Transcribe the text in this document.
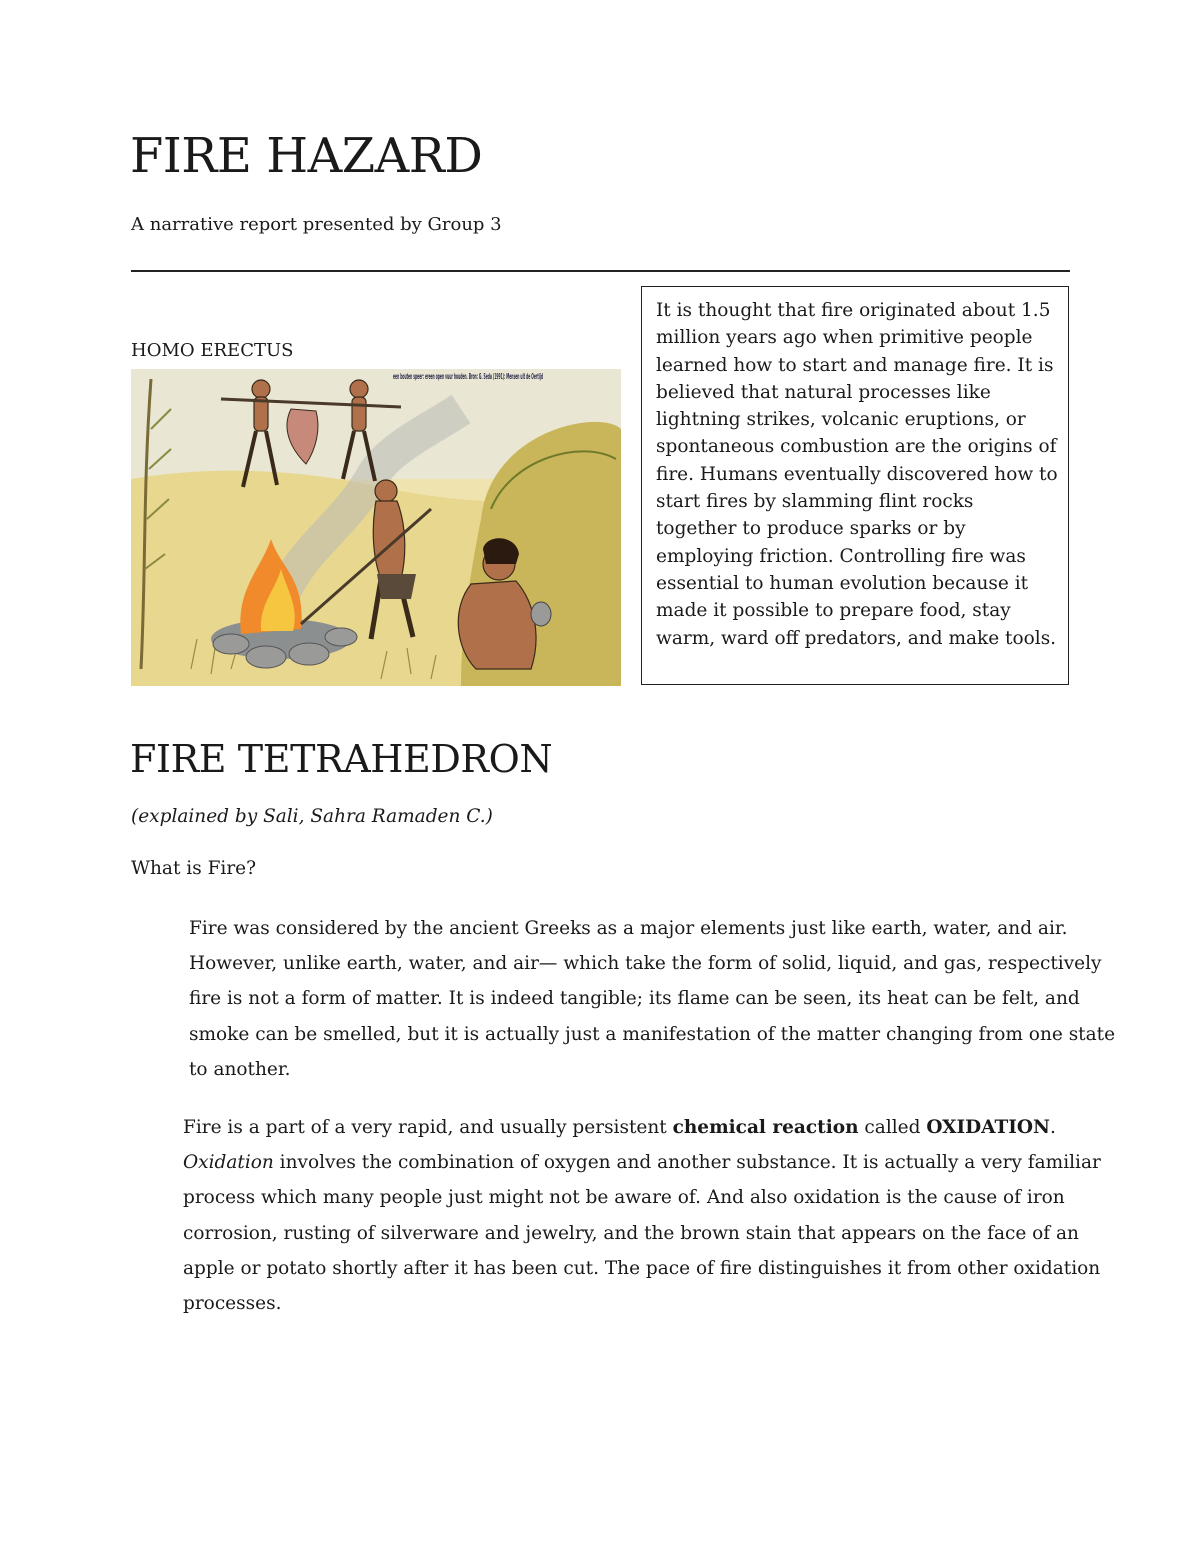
FIRE HAZARD

A narrative report presented by Group 3

HOMO ERECTUS
een bouten speer: ereen open vuur houden. Bron: G. Seda (1991): Mensen uit de Oertijd
It is thought that fire originated about 1.5 million years ago when primitive people learned how to start and manage fire. It is believed that natural processes like lightning strikes, volcanic eruptions, or spontaneous combustion are the origins of fire. Humans eventually discovered how to start fires by slamming flint rocks together to produce sparks or by employing friction. Controlling fire was essential to human evolution because it made it possible to prepare food, stay warm, ward off predators, and make tools.
FIRE TETRAHEDRON
(explained by Sali, Sahra Ramaden C.)
What is Fire?

Fire was considered by the ancient Greeks as a major elements just like earth, water, and air. However, unlike earth, water, and air— which take the form of solid, liquid, and gas, respectively fire is not a form of matter. It is indeed tangible; its flame can be seen, its heat can be felt, and smoke can be smelled, but it is actually just a manifestation of the matter changing from one state to another.

Fire is a part of a very rapid, and usually persistent chemical reaction called OXIDATION. Oxidation involves the combination of oxygen and another substance. It is actually a very familiar process which many people just might not be aware of. And also oxidation is the cause of iron corrosion, rusting of silverware and jewelry, and the brown stain that appears on the face of an apple or potato shortly after it has been cut. The pace of fire distinguishes it from other oxidation processes.
